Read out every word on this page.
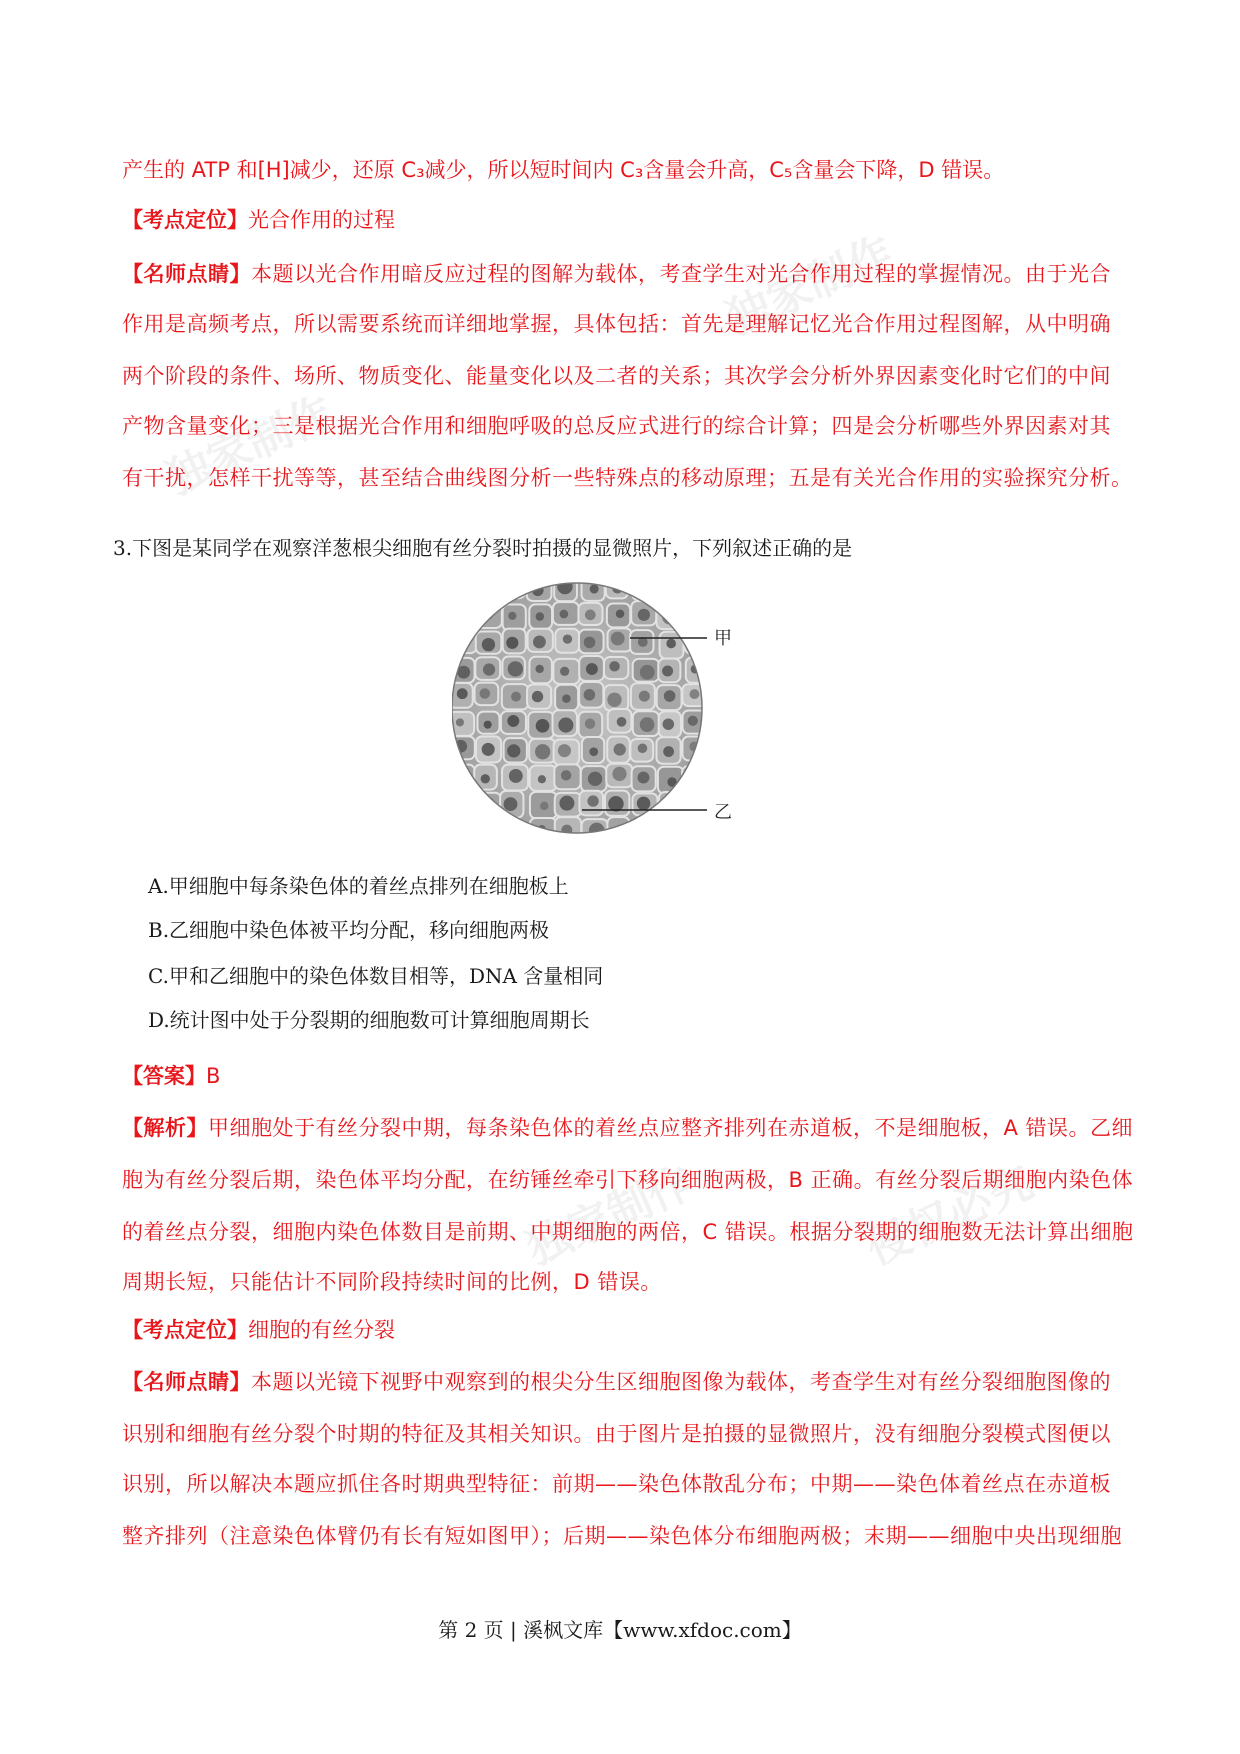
独家制作
独家制作
独家制作	侵权必究
产生的 ATP 和[H]减少，还原 C₃减少，所以短时间内 C₃含量会升高，C₅含量会下降，D 错误。
【考点定位】光合作用的过程
【名师点睛】本题以光合作用暗反应过程的图解为载体，考查学生对光合作用过程的掌握情况。由于光合
作用是高频考点，所以需要系统而详细地掌握，具体包括：首先是理解记忆光合作用过程图解，从中明确
两个阶段的条件、场所、物质变化、能量变化以及二者的关系；其次学会分析外界因素变化时它们的中间
产物含量变化；三是根据光合作用和细胞呼吸的总反应式进行的综合计算；四是会分析哪些外界因素对其
有干扰，怎样干扰等等，甚至结合曲线图分析一些特殊点的移动原理；五是有关光合作用的实验探究分析。
3.下图是某同学在观察洋葱根尖细胞有丝分裂时拍摄的显微照片，下列叙述正确的是
甲
乙
A.甲细胞中每条染色体的着丝点排列在细胞板上
B.乙细胞中染色体被平均分配，移向细胞两极
C.甲和乙细胞中的染色体数目相等，DNA 含量相同
D.统计图中处于分裂期的细胞数可计算细胞周期长
【答案】B
【解析】甲细胞处于有丝分裂中期，每条染色体的着丝点应整齐排列在赤道板，不是细胞板，A 错误。乙细
胞为有丝分裂后期，染色体平均分配，在纺锤丝牵引下移向细胞两极，B 正确。有丝分裂后期细胞内染色体
的着丝点分裂，细胞内染色体数目是前期、中期细胞的两倍，C 错误。根据分裂期的细胞数无法计算出细胞
周期长短，只能估计不同阶段持续时间的比例，D 错误。
【考点定位】细胞的有丝分裂
【名师点睛】本题以光镜下视野中观察到的根尖分生区细胞图像为载体，考查学生对有丝分裂细胞图像的
识别和细胞有丝分裂个时期的特征及其相关知识。由于图片是拍摄的显微照片，没有细胞分裂模式图便以
识别，所以解决本题应抓住各时期典型特征：前期——染色体散乱分布；中期——染色体着丝点在赤道板
整齐排列（注意染色体臂仍有长有短如图甲）；后期——染色体分布细胞两极；末期——细胞中央出现细胞
第 2 页 | 溪枫文库【www.xfdoc.com】
